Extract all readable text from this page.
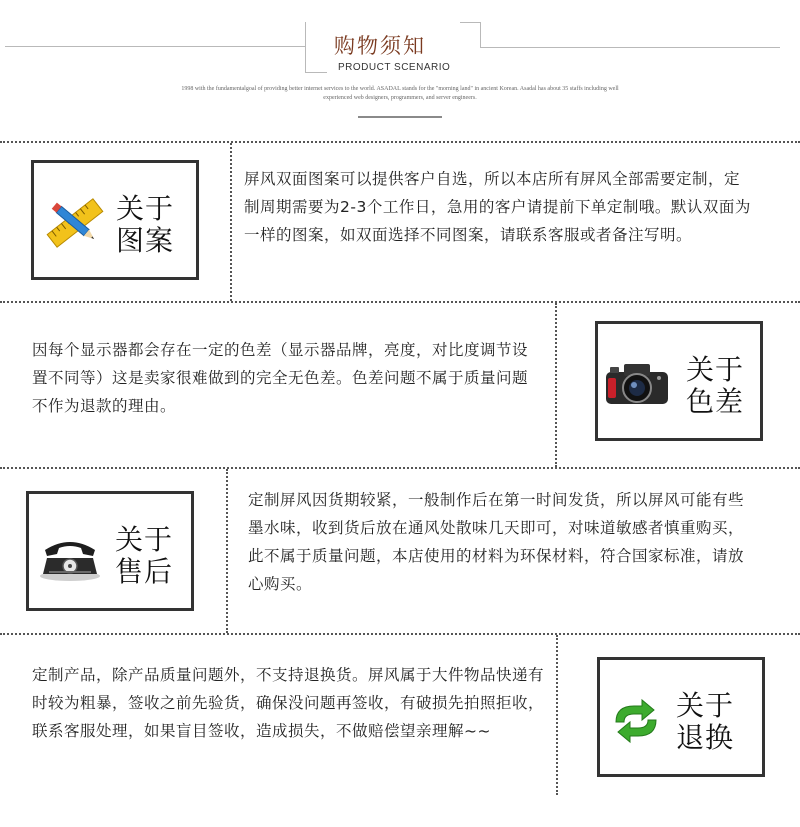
购物须知
PRODUCT SCENARIO
1998 with the fundamentalgoal of providing better internet services to the world. ASADAL stands for the "morning land" in ancient Korean. Asadal has about 35 staffs including well experienced web designers, programmers, and server engineers.
关于
图案
屏风双面图案可以提供客户自选，所以本店所有屏风全部需要定制，定制周期需要为2-3个工作日，急用的客户请提前下单定制哦。默认双面为一样的图案，如双面选择不同图案，请联系客服或者备注写明。
因每个显示器都会存在一定的色差（显示器品牌，亮度，对比度调节设置不同等）这是卖家很难做到的完全无色差。色差问题不属于质量问题不作为退款的理由。
关于
色差
关于
售后
定制屏风因货期较紧，一般制作后在第一时间发货，所以屏风可能有些墨水味，收到货后放在通风处散味几天即可，对味道敏感者慎重购买，此不属于质量问题，本店使用的材料为环保材料，符合国家标准，请放心购买。
定制产品，除产品质量问题外，不支持退换货。屏风属于大件物品快递有时较为粗暴，签收之前先验货，确保没问题再签收，有破损先拍照拒收，联系客服处理，如果盲目签收，造成损失，不做赔偿望亲理解~~
关于
退换
